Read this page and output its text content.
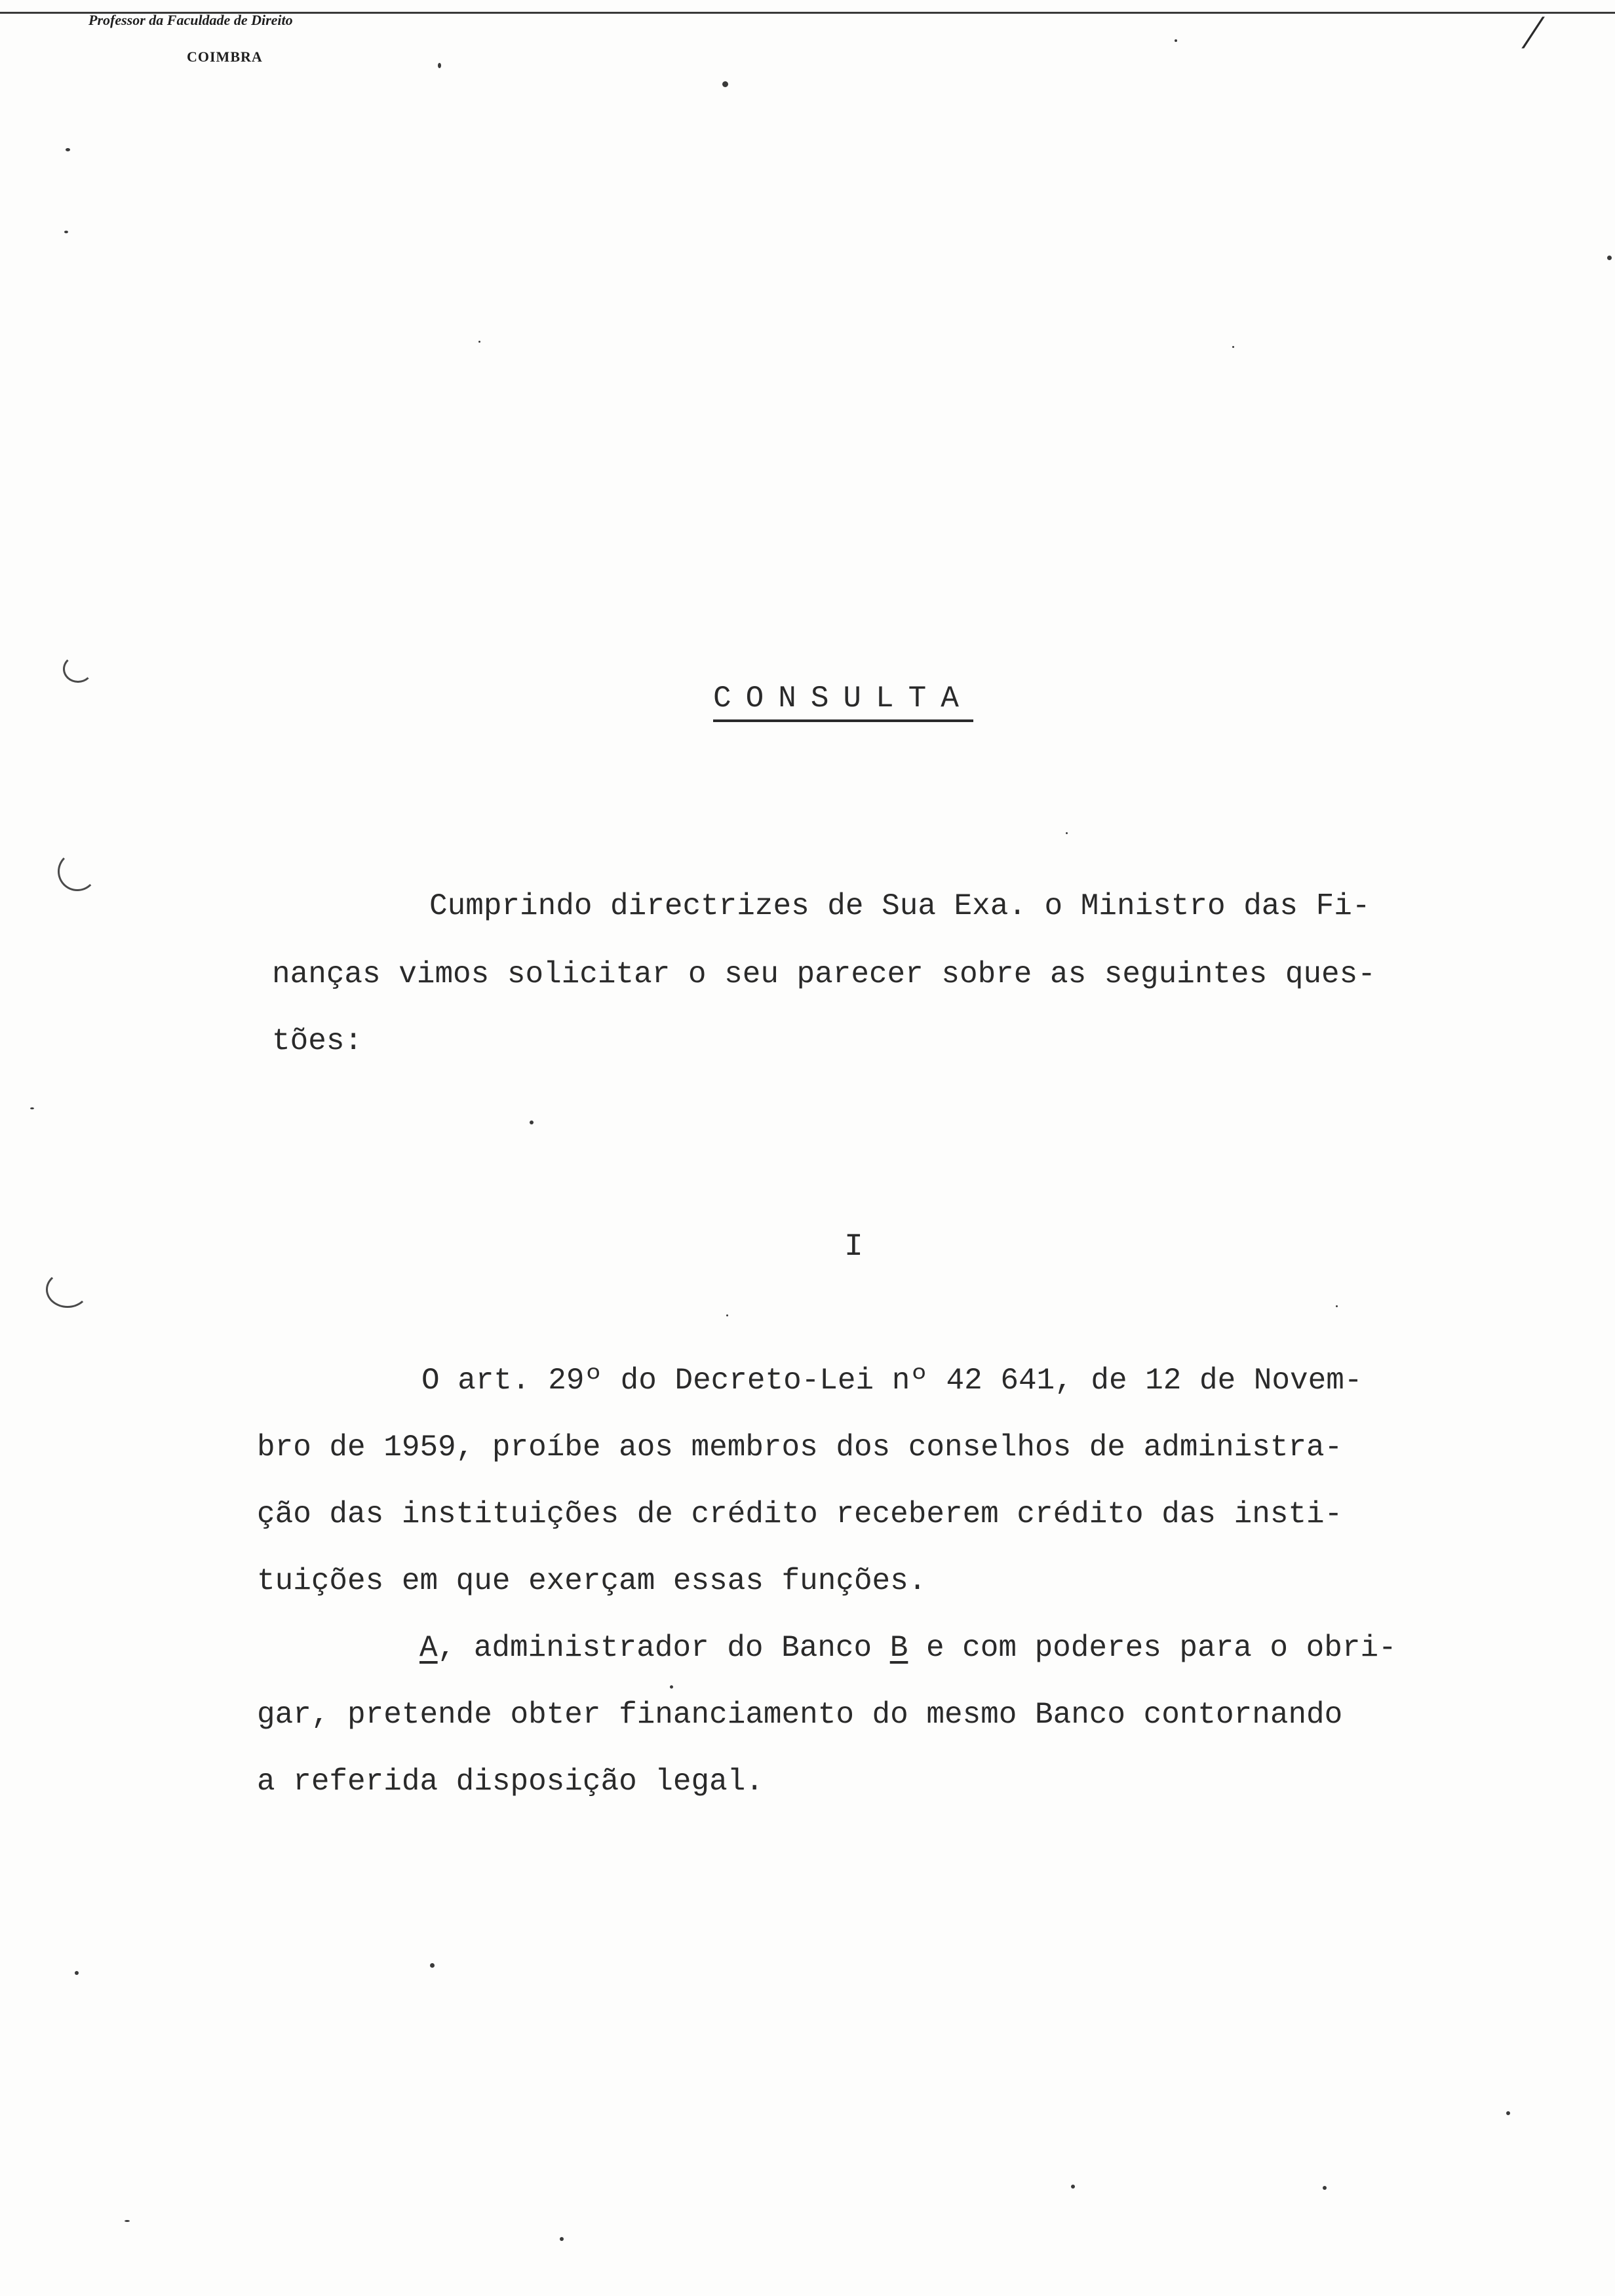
Professor da Faculdade de Direito
COIMBRA	/
CONSULTA
Cumprindo directrizes de Sua Exa. o Ministro das Fi-
nanças vimos solicitar o seu parecer sobre as seguintes ques-
tões:
I
O art. 29º do Decreto-Lei nº 42 641, de 12 de Novem-
bro de 1959, proíbe aos membros dos conselhos de administra-
ção das instituições de crédito receberem crédito das insti-
tuições em que exerçam essas funções.
A, administrador do Banco B e com poderes para o obri-
gar, pretende obter financiamento do mesmo Banco contornando
a referida disposição legal.
